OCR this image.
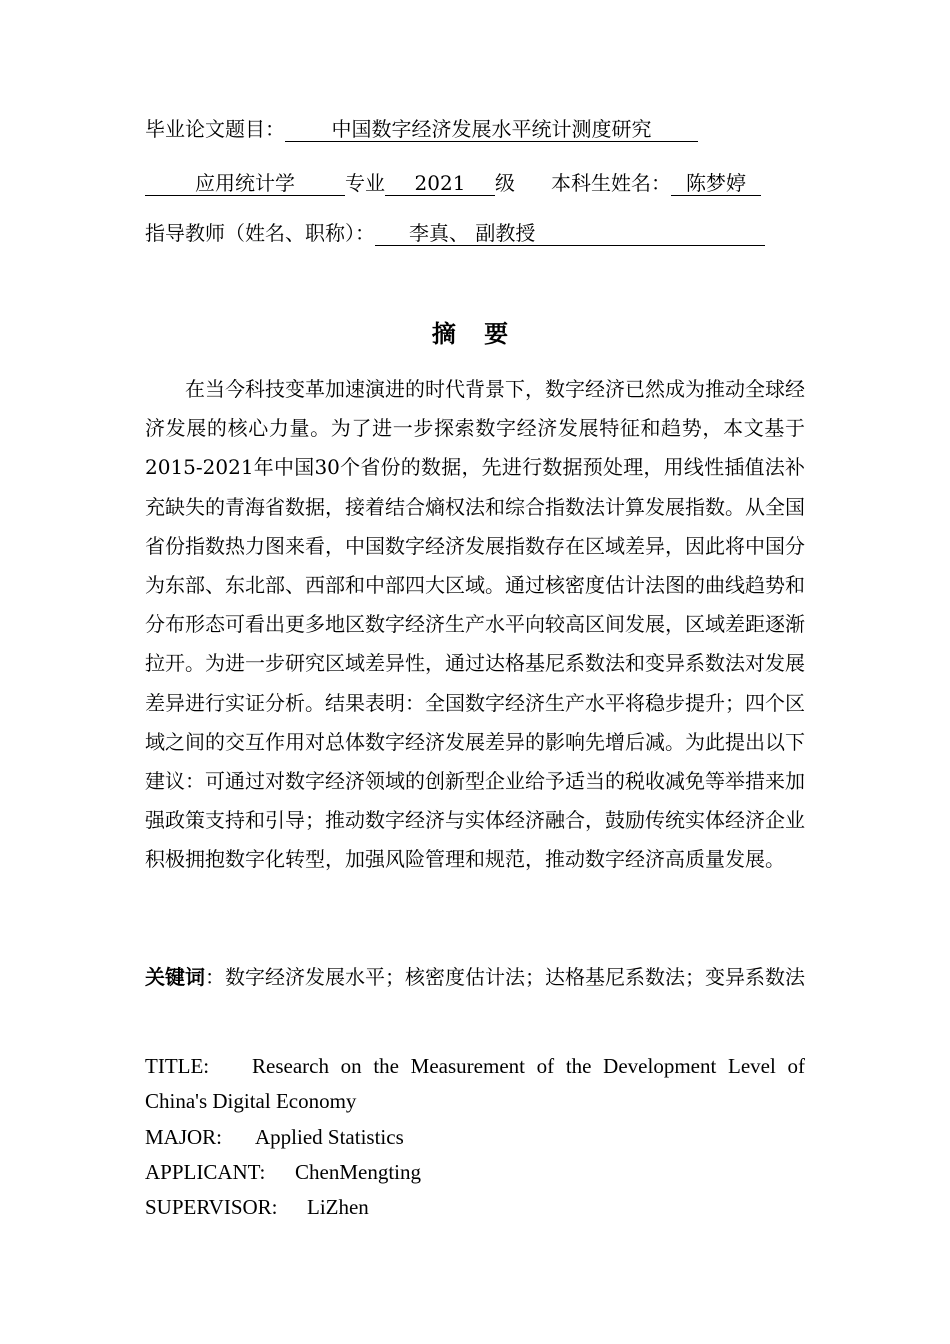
毕业论文题目： 中国数字经济发展水平统计测度研究
应用统计学	专业 2021 级 本科生姓名： 陈梦婷
指导教师（姓名、职称）： 李真、 副教授
摘 要

在当今科技变革加速演进的时代背景下，数字经济已然成为推动全球经济发展的核心力量。为了进一步探索数字经济发展特征和趋势，本文基于2015-2021年中国30个省份的数据，先进行数据预处理，用线性插值法补充缺失的青海省数据，接着结合熵权法和综合指数法计算发展指数。从全国省份指数热力图来看，中国数字经济发展指数存在区域差异，因此将中国分为东部、东北部、西部和中部四大区域。通过核密度估计法图的曲线趋势和分布形态可看出更多地区数字经济生产水平向较高区间发展，区域差距逐渐拉开。为进一步研究区域差异性，通过达格基尼系数法和变异系数法对发展差异进行实证分析。结果表明：全国数字经济生产水平将稳步提升；四个区域之间的交互作用对总体数字经济发展差异的影响先增后减。为此提出以下建议：可通过对数字经济领域的创新型企业给予适当的税收减免等举措来加强政策支持和引导；推动数字经济与实体经济融合，鼓励传统实体经济企业积极拥抱数字化转型，加强风险管理和规范，推动数字经济高质量发展。

关键词：数字经济发展水平；核密度估计法；达格基尼系数法；变异系数法

TITLE: Research on the Measurement of the Development Level of China's Digital Economy

MAJOR: Applied Statistics

APPLICANT: ChenMengting

SUPERVISOR: LiZhen
